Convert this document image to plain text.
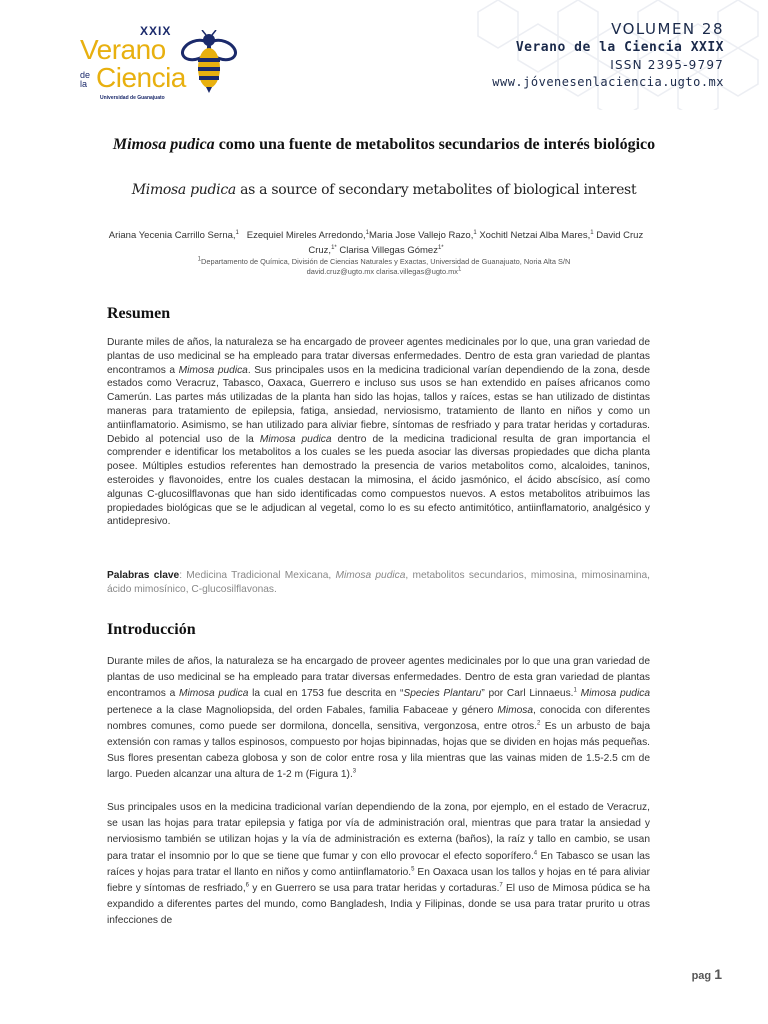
XXIX
Verano
de la Ciencia
Universidad de Guanajuato
VOLUMEN 28
Verano de la Ciencia XXIX
ISSN 2395-9797
www.jóvenesenlaciencia.ugto.mx
Mimosa pudica como una fuente de metabolitos secundarios de interés biológico
Mimosa pudica as a source of secondary metabolites of biological interest
Ariana Yecenia Carrillo Serna,$^1$ Ezequiel Mireles Arredondo,$^1$Maria Jose Vallejo Razo,$^1$ Xochitl Netzai Alba Mares,$^1$ David Cruz Cruz,$^{1*}$ Clarisa Villegas Gómez$^{1*}$
$^1$Departamento de Química, División de Ciencias Naturales y Exactas, Universidad de Guanajuato, Noria Alta S/N
david.cruz@ugto.mx $clarisa.villegas@ugto.mx^1$
Resumen

Durante miles de años, la naturaleza se ha encargado de proveer agentes medicinales por lo que, una gran variedad de plantas de uso medicinal se ha empleado para tratar diversas enfermedades. Dentro de esta gran variedad de plantas encontramos a Mimosa pudica. Sus principales usos en la medicina tradicional varían dependiendo de la zona, desde estados como Veracruz, Tabasco, Oaxaca, Guerrero e incluso sus usos se han extendido en países africanos como Camerún. Las partes más utilizadas de la planta han sido las hojas, tallos y raíces, estas se han utilizado de distintas maneras para tratamiento de epilepsia, fatiga, ansiedad, nerviosismo, tratamiento de llanto en niños y como un antiinflamatorio. Asimismo, se han utilizado para aliviar fiebre, síntomas de resfriado y para tratar heridas y cortaduras. Debido al potencial uso de la Mimosa pudica dentro de la medicina tradicional resulta de gran importancia el comprender e identificar los metabolitos a los cuales se les pueda asociar las diversas propiedades que dicha planta posee. Múltiples estudios referentes han demostrado la presencia de varios metabolitos como, alcaloides, taninos, esteroides y flavonoides, entre los cuales destacan la mimosina, el ácido jasmónico, el ácido abscísico, así como algunas C-glucosilflavonas que han sido identificadas como compuestos nuevos. A estos metabolitos atribuimos las propiedades biológicas que se le adjudican al vegetal, como lo es su efecto antimitótico, antiinflamatorio, analgésico y antidepresivo.

Palabras clave: Medicina Tradicional Mexicana, Mimosa pudica, metabolitos secundarios, mimosina, mimosinamina, ácido mimosínico, C-glucosilflavonas.

Introducción

Durante miles de años, la naturaleza se ha encargado de proveer agentes medicinales por lo que una gran variedad de plantas de uso medicinal se ha empleado para tratar diversas enfermedades. Dentro de esta gran variedad de plantas encontramos a Mimosa pudica la cual en 1753 fue descrita en “Species Plantaru” por Carl Linnaeus.$^1$ Mimosa pudica pertenece a la clase Magnoliopsida, del orden Fabales, familia Fabaceae y género Mimosa, conocida con diferentes nombres comunes, como puede ser dormilona, doncella, sensitiva, vergonzosa, entre otros.$^2$ Es un arbusto de baja extensión con ramas y tallos espinosos, compuesto por hojas bipinnadas, hojas que se dividen en hojas más pequeñas. Sus flores presentan cabeza globosa y son de color entre rosa y lila mientras que las vainas miden de 1.5-2.5 cm de largo. Pueden alcanzar una altura de 1-2 m (Figura 1).$^3$

Sus principales usos en la medicina tradicional varían dependiendo de la zona, por ejemplo, en el estado de Veracruz, se usan las hojas para tratar epilepsia y fatiga por vía de administración oral, mientras que para tratar la ansiedad y nerviosismo también se utilizan hojas y la vía de administración es externa (baños), la raíz y tallo en cambio, se usan para tratar el insomnio por lo que se tiene que fumar y con ello provocar el efecto soporífero.$^4$ En Tabasco se usan las raíces y hojas para tratar el llanto en niños y como antiinflamatorio.$^5$ En Oaxaca usan los tallos y hojas en té para aliviar fiebre y síntomas de resfriado,$^6$ y en Guerrero se usa para tratar heridas y cortaduras.$^7$ El uso de Mimosa púdica se ha expandido a diferentes partes del mundo, como Bangladesh, India y Filipinas, donde se usa para tratar prurito u otras infecciones de

pag 1
